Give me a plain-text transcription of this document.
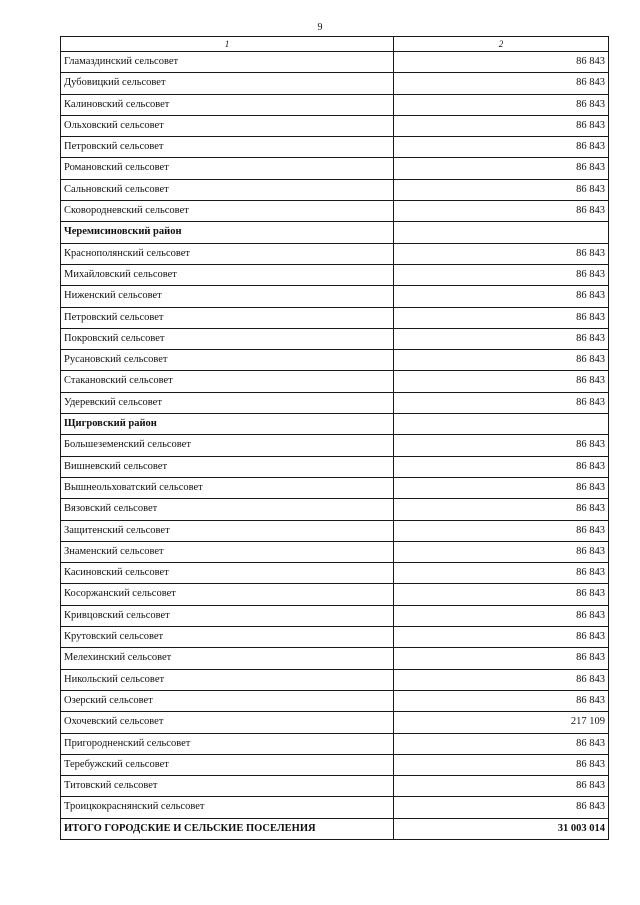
9
1	2
Гламаздинский сельсовет	86 843
Дубовицкий сельсовет	86 843
Калиновский сельсовет	86 843
Ольховский сельсовет	86 843
Петровский сельсовет	86 843
Романовский сельсовет	86 843
Сальновский сельсовет	86 843
Сковородневский сельсовет	86 843
Черемисиновский район	
Краснополянский сельсовет	86 843
Михайловский сельсовет	86 843
Ниженский сельсовет	86 843
Петровский сельсовет	86 843
Покровский сельсовет	86 843
Русановский сельсовет	86 843
Стакановский сельсовет	86 843
Удеревский сельсовет	86 843
Щигровский район	
Большеземенский сельсовет	86 843
Вишневский сельсовет	86 843
Вышнеольховатский сельсовет	86 843
Вязовский сельсовет	86 843
Защитенский сельсовет	86 843
Знаменский сельсовет	86 843
Касиновский сельсовет	86 843
Косоржанский сельсовет	86 843
Кривцовский сельсовет	86 843
Крутовский сельсовет	86 843
Мелехинский сельсовет	86 843
Никольский сельсовет	86 843
Озерский сельсовет	86 843
Охочевский сельсовет	217 109
Пригородненский сельсовет	86 843
Теребужский сельсовет	86 843
Титовский сельсовет	86 843
Троицкокраснянский сельсовет	86 843
ИТОГО ГОРОДСКИЕ И СЕЛЬСКИЕ ПОСЕЛЕНИЯ	31 003 014
